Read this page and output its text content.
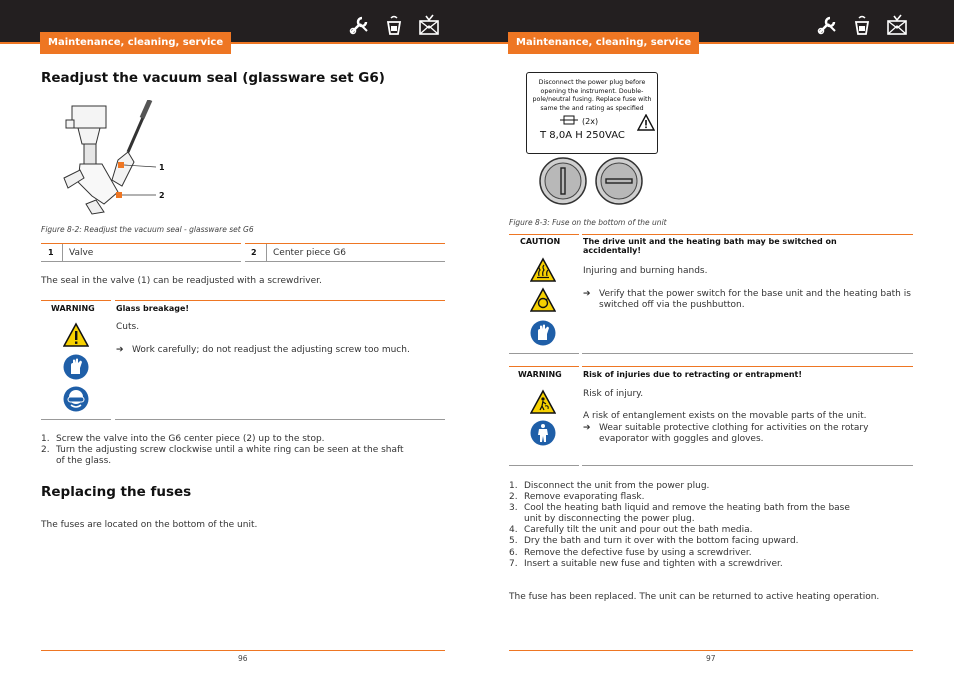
Maintenance, cleaning, service	Maintenance, cleaning, service
Readjust the vacuum seal (glassware set G6)
1
2
Figure 8-2: Readjust the vacuum seal - glassware set G6
1 Valve	2 Center piece G6
The seal in the valve (1) can be readjusted with a screwdriver.
WARNING	Glass breakage!
Cuts.
➔ Work carefully; do not readjust the adjusting screw too much.
1. Screw the valve into the G6 center piece (2) up to the stop.
2. Turn the adjusting screw clockwise until a white ring can be seen at the shaft
of the glass.
Replacing the fuses
The fuses are located on the bottom of the unit.
96
Disconnect the power plug before
opening the instrument. Double-
pole/neutral fusing. Replace fuse with
same the and rating as specified
(2x)
T 8,0A H 250VAC
Figure 8-3: Fuse on the bottom of the unit
CAUTION	The drive unit and the heating bath may be switched on
accidentally!
Injuring and burning hands.
➔ Verify that the power switch for the base unit and the heating bath is
switched off via the pushbutton.
WARNING	Risk of injuries due to retracting or entrapment!
Risk of injury.
A risk of entanglement exists on the movable parts of the unit.
➔ Wear suitable protective clothing for activities on the rotary
evaporator with goggles and gloves.
1. Disconnect the unit from the power plug.
2. Remove evaporating flask.
3. Cool the heating bath liquid and remove the heating bath from the base
unit by disconnecting the power plug.
4. Carefully tilt the unit and pour out the bath media.
5. Dry the bath and turn it over with the bottom facing upward.
6. Remove the defective fuse by using a screwdriver.
7. Insert a suitable new fuse and tighten with a screwdriver.
The fuse has been replaced. The unit can be returned to active heating operation.
97
